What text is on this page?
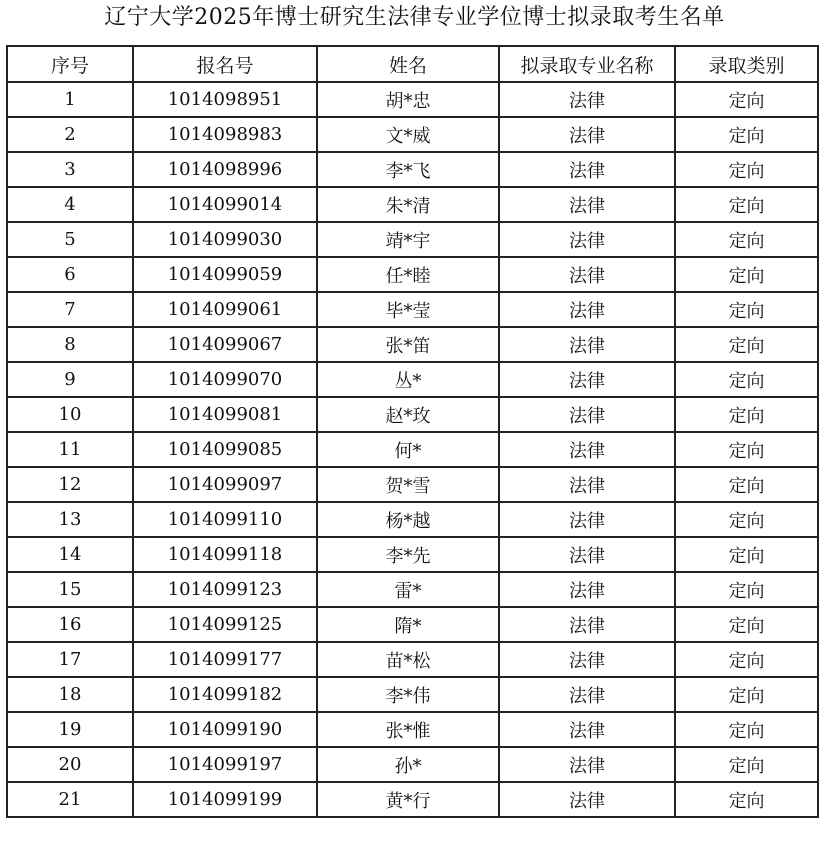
辽宁大学2025年博士研究生法律专业学位博士拟录取考生名单
序号	报名号	姓名	拟录取专业名称	录取类别
1	1014098951	胡*忠	法律	定向
2	1014098983	文*威	法律	定向
3	1014098996	李*飞	法律	定向
4	1014099014	朱*清	法律	定向
5	1014099030	靖*宇	法律	定向
6	1014099059	任*睦	法律	定向
7	1014099061	毕*莹	法律	定向
8	1014099067	张*笛	法律	定向
9	1014099070	丛*	法律	定向
10	1014099081	赵*玫	法律	定向
11	1014099085	何*	法律	定向
12	1014099097	贺*雪	法律	定向
13	1014099110	杨*越	法律	定向
14	1014099118	李*先	法律	定向
15	1014099123	雷*	法律	定向
16	1014099125	隋*	法律	定向
17	1014099177	苗*松	法律	定向
18	1014099182	李*伟	法律	定向
19	1014099190	张*惟	法律	定向
20	1014099197	孙*	法律	定向
21	1014099199	黄*行	法律	定向
